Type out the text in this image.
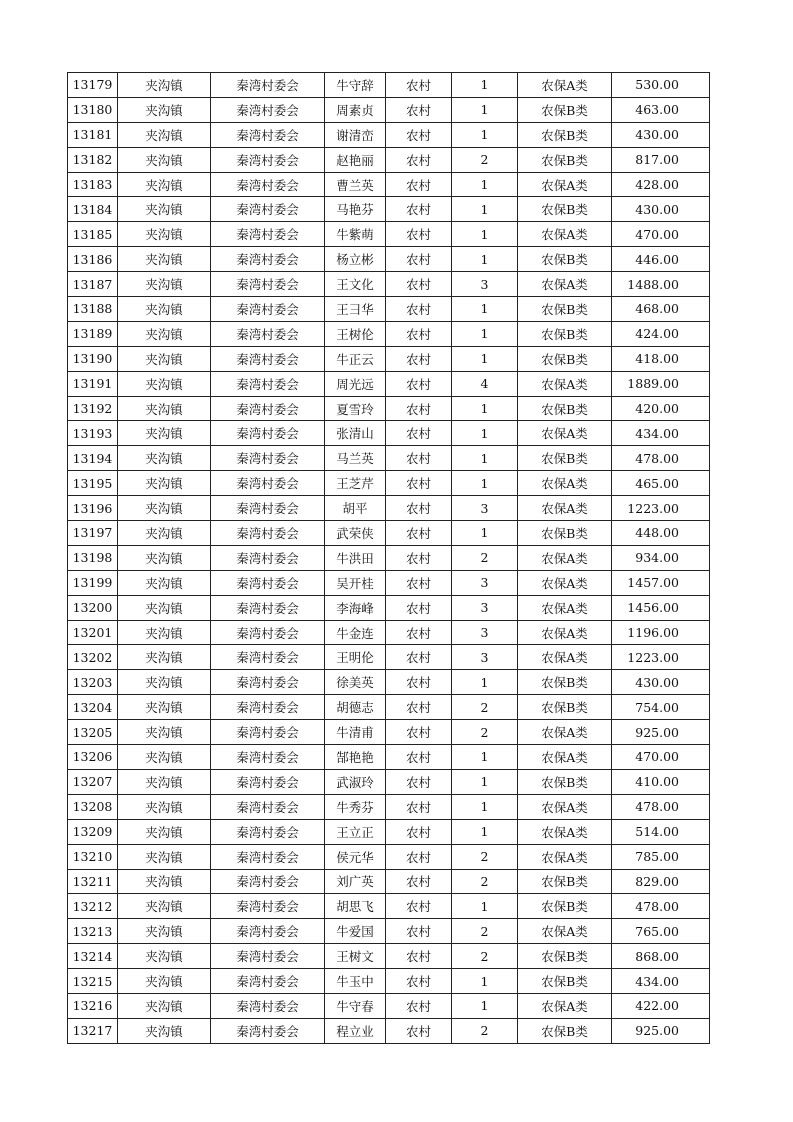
13179	夹沟镇	秦湾村委会	牛守辞	农村	1	农保A类	530.00
13180	夹沟镇	秦湾村委会	周素贞	农村	1	农保B类	463.00
13181	夹沟镇	秦湾村委会	谢清峦	农村	1	农保B类	430.00
13182	夹沟镇	秦湾村委会	赵艳丽	农村	2	农保B类	817.00
13183	夹沟镇	秦湾村委会	曹兰英	农村	1	农保A类	428.00
13184	夹沟镇	秦湾村委会	马艳芬	农村	1	农保B类	430.00
13185	夹沟镇	秦湾村委会	牛紫萌	农村	1	农保A类	470.00
13186	夹沟镇	秦湾村委会	杨立彬	农村	1	农保B类	446.00
13187	夹沟镇	秦湾村委会	王文化	农村	3	农保A类	1488.00
13188	夹沟镇	秦湾村委会	王彐华	农村	1	农保B类	468.00
13189	夹沟镇	秦湾村委会	王树伦	农村	1	农保B类	424.00
13190	夹沟镇	秦湾村委会	牛正云	农村	1	农保B类	418.00
13191	夹沟镇	秦湾村委会	周光远	农村	4	农保A类	1889.00
13192	夹沟镇	秦湾村委会	夏雪玲	农村	1	农保B类	420.00
13193	夹沟镇	秦湾村委会	张清山	农村	1	农保A类	434.00
13194	夹沟镇	秦湾村委会	马兰英	农村	1	农保B类	478.00
13195	夹沟镇	秦湾村委会	王芝芹	农村	1	农保A类	465.00
13196	夹沟镇	秦湾村委会	胡平	农村	3	农保A类	1223.00
13197	夹沟镇	秦湾村委会	武荣侠	农村	1	农保B类	448.00
13198	夹沟镇	秦湾村委会	牛洪田	农村	2	农保A类	934.00
13199	夹沟镇	秦湾村委会	吴开桂	农村	3	农保A类	1457.00
13200	夹沟镇	秦湾村委会	李海峰	农村	3	农保A类	1456.00
13201	夹沟镇	秦湾村委会	牛金连	农村	3	农保A类	1196.00
13202	夹沟镇	秦湾村委会	王明伦	农村	3	农保A类	1223.00
13203	夹沟镇	秦湾村委会	徐美英	农村	1	农保B类	430.00
13204	夹沟镇	秦湾村委会	胡德志	农村	2	农保B类	754.00
13205	夹沟镇	秦湾村委会	牛清甫	农村	2	农保A类	925.00
13206	夹沟镇	秦湾村委会	郜艳艳	农村	1	农保A类	470.00
13207	夹沟镇	秦湾村委会	武淑玲	农村	1	农保B类	410.00
13208	夹沟镇	秦湾村委会	牛秀芬	农村	1	农保A类	478.00
13209	夹沟镇	秦湾村委会	王立正	农村	1	农保A类	514.00
13210	夹沟镇	秦湾村委会	侯元华	农村	2	农保A类	785.00
13211	夹沟镇	秦湾村委会	刘广英	农村	2	农保B类	829.00
13212	夹沟镇	秦湾村委会	胡思飞	农村	1	农保B类	478.00
13213	夹沟镇	秦湾村委会	牛爱国	农村	2	农保A类	765.00
13214	夹沟镇	秦湾村委会	王树文	农村	2	农保B类	868.00
13215	夹沟镇	秦湾村委会	牛玉中	农村	1	农保B类	434.00
13216	夹沟镇	秦湾村委会	牛守春	农村	1	农保A类	422.00
13217	夹沟镇	秦湾村委会	程立业	农村	2	农保B类	925.00
